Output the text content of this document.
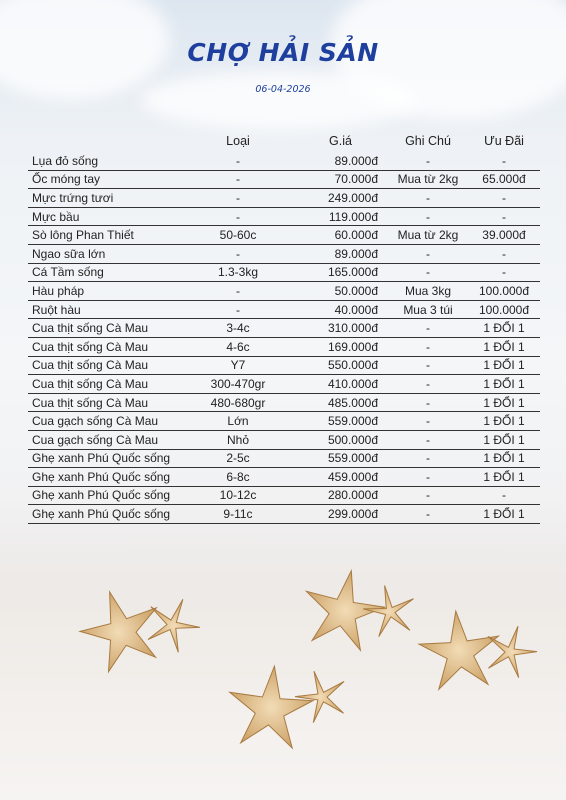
CHỢ HẢI SẢN
06-04-2026
	Loại	G.iá	Ghi Chú	Ưu Đãi
Lụa đỏ sống	-	89.000đ	-	-
Ốc móng tay	-	70.000đ	Mua từ 2kg	65.000đ
Mực trứng tươi	-	249.000đ	-	-
Mực bầu	-	119.000đ	-	-
Sò lông Phan Thiết	50-60c	60.000đ	Mua từ 2kg	39.000đ
Ngao sữa lớn	-	89.000đ	-	-
Cá Tầm sống	1.3-3kg	165.000đ	-	-
Hàu pháp	-	50.000đ	Mua 3kg	100.000đ
Ruột hàu	-	40.000đ	Mua 3 túi	100.000đ
Cua thịt sống Cà Mau	3-4c	310.000đ	-	1 ĐỔI 1
Cua thịt sống Cà Mau	4-6c	169.000đ	-	1 ĐỔI 1
Cua thịt sống Cà Mau	Y7	550.000đ	-	1 ĐỔI 1
Cua thịt sống Cà Mau	300-470gr	410.000đ	-	1 ĐỔI 1
Cua thịt sống Cà Mau	480-680gr	485.000đ	-	1 ĐỔI 1
Cua gạch sống Cà Mau	Lớn	559.000đ	-	1 ĐỔI 1
Cua gạch sống Cà Mau	Nhỏ	500.000đ	-	1 ĐỔI 1
Ghẹ xanh Phú Quốc sống	2-5c	559.000đ	-	1 ĐỔI 1
Ghẹ xanh Phú Quốc sống	6-8c	459.000đ	-	1 ĐỔI 1
Ghẹ xanh Phú Quốc sống	10-12c	280.000đ	-	-
Ghẹ xanh Phú Quốc sống	9-11c	299.000đ	-	1 ĐỔI 1
